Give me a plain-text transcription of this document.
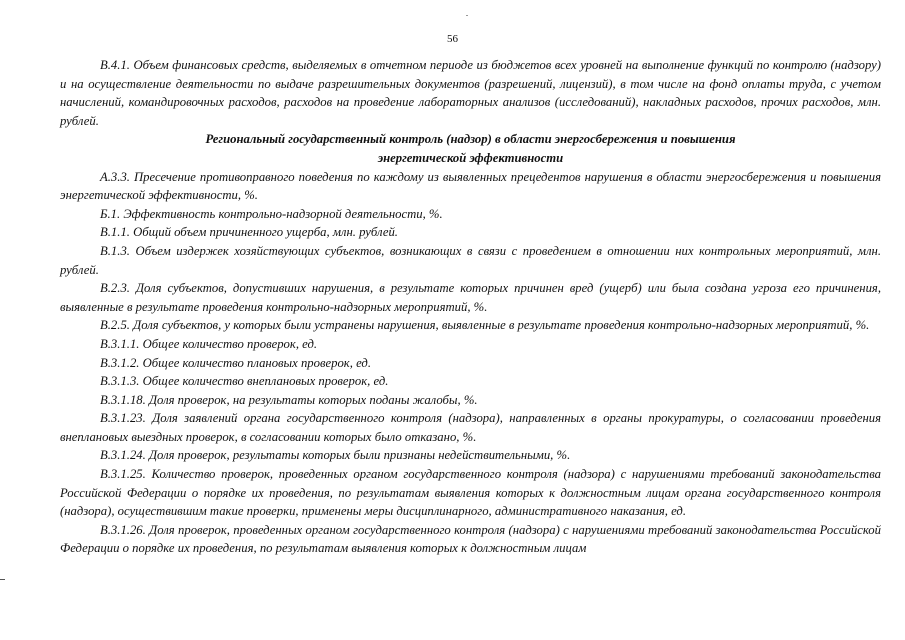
56

В.4.1. Объем финансовых средств, выделяемых в отчетном периоде из бюджетов всех уровней на выполнение функций по контролю (надзору) и на осуществление деятельности по выдаче разрешительных документов (разрешений, лицензий), в том числе на фонд оплаты труда, с учетом начислений, командировочных расходов, расходов на проведение лабораторных анализов (исследований), накладных расходов, прочих расходов, млн. рублей.

Региональный государственный контроль (надзор) в области энергосбережения и повышения
энергетической эффективности

А.3.3. Пресечение противоправного поведения по каждому из выявленных прецедентов нарушения в области энергосбережения и повышения энергетической эффективности, %.

Б.1. Эффективность контрольно-надзорной деятельности, %.

В.1.1. Общий объем причиненного ущерба, млн. рублей.

В.1.3. Объем издержек хозяйствующих субъектов, возникающих в связи с проведением в отношении них контрольных мероприятий, млн. рублей.

В.2.3. Доля субъектов, допустивших нарушения, в результате которых причинен вред (ущерб) или была создана угроза его причинения, выявленные в результате проведения контрольно-надзорных мероприятий, %.

В.2.5. Доля субъектов, у которых были устранены нарушения, выявленные в результате проведения контрольно-надзорных мероприятий, %.

В.3.1.1. Общее количество проверок, ед.

В.3.1.2. Общее количество плановых проверок, ед.

В.3.1.3. Общее количество внеплановых проверок, ед.

В.3.1.18. Доля проверок, на результаты которых поданы жалобы, %.

В.3.1.23. Доля заявлений органа государственного контроля (надзора), направленных в органы прокуратуры, о согласовании проведения внеплановых выездных проверок, в согласовании которых было отказано, %.

В.3.1.24. Доля проверок, результаты которых были признаны недействительными, %.

В.3.1.25. Количество проверок, проведенных органом государственного контроля (надзора) с нарушениями требований законодательства Российской Федерации о порядке их проведения, по результатам выявления которых к должностным лицам органа государственного контроля (надзора), осуществившим такие проверки, применены меры дисциплинарного, административного наказания, ед.

В.3.1.26. Доля проверок, проведенных органом государственного контроля (надзора) с нарушениями требований законодательства Российской Федерации о порядке их проведения, по результатам выявления которых к должностным лицам
